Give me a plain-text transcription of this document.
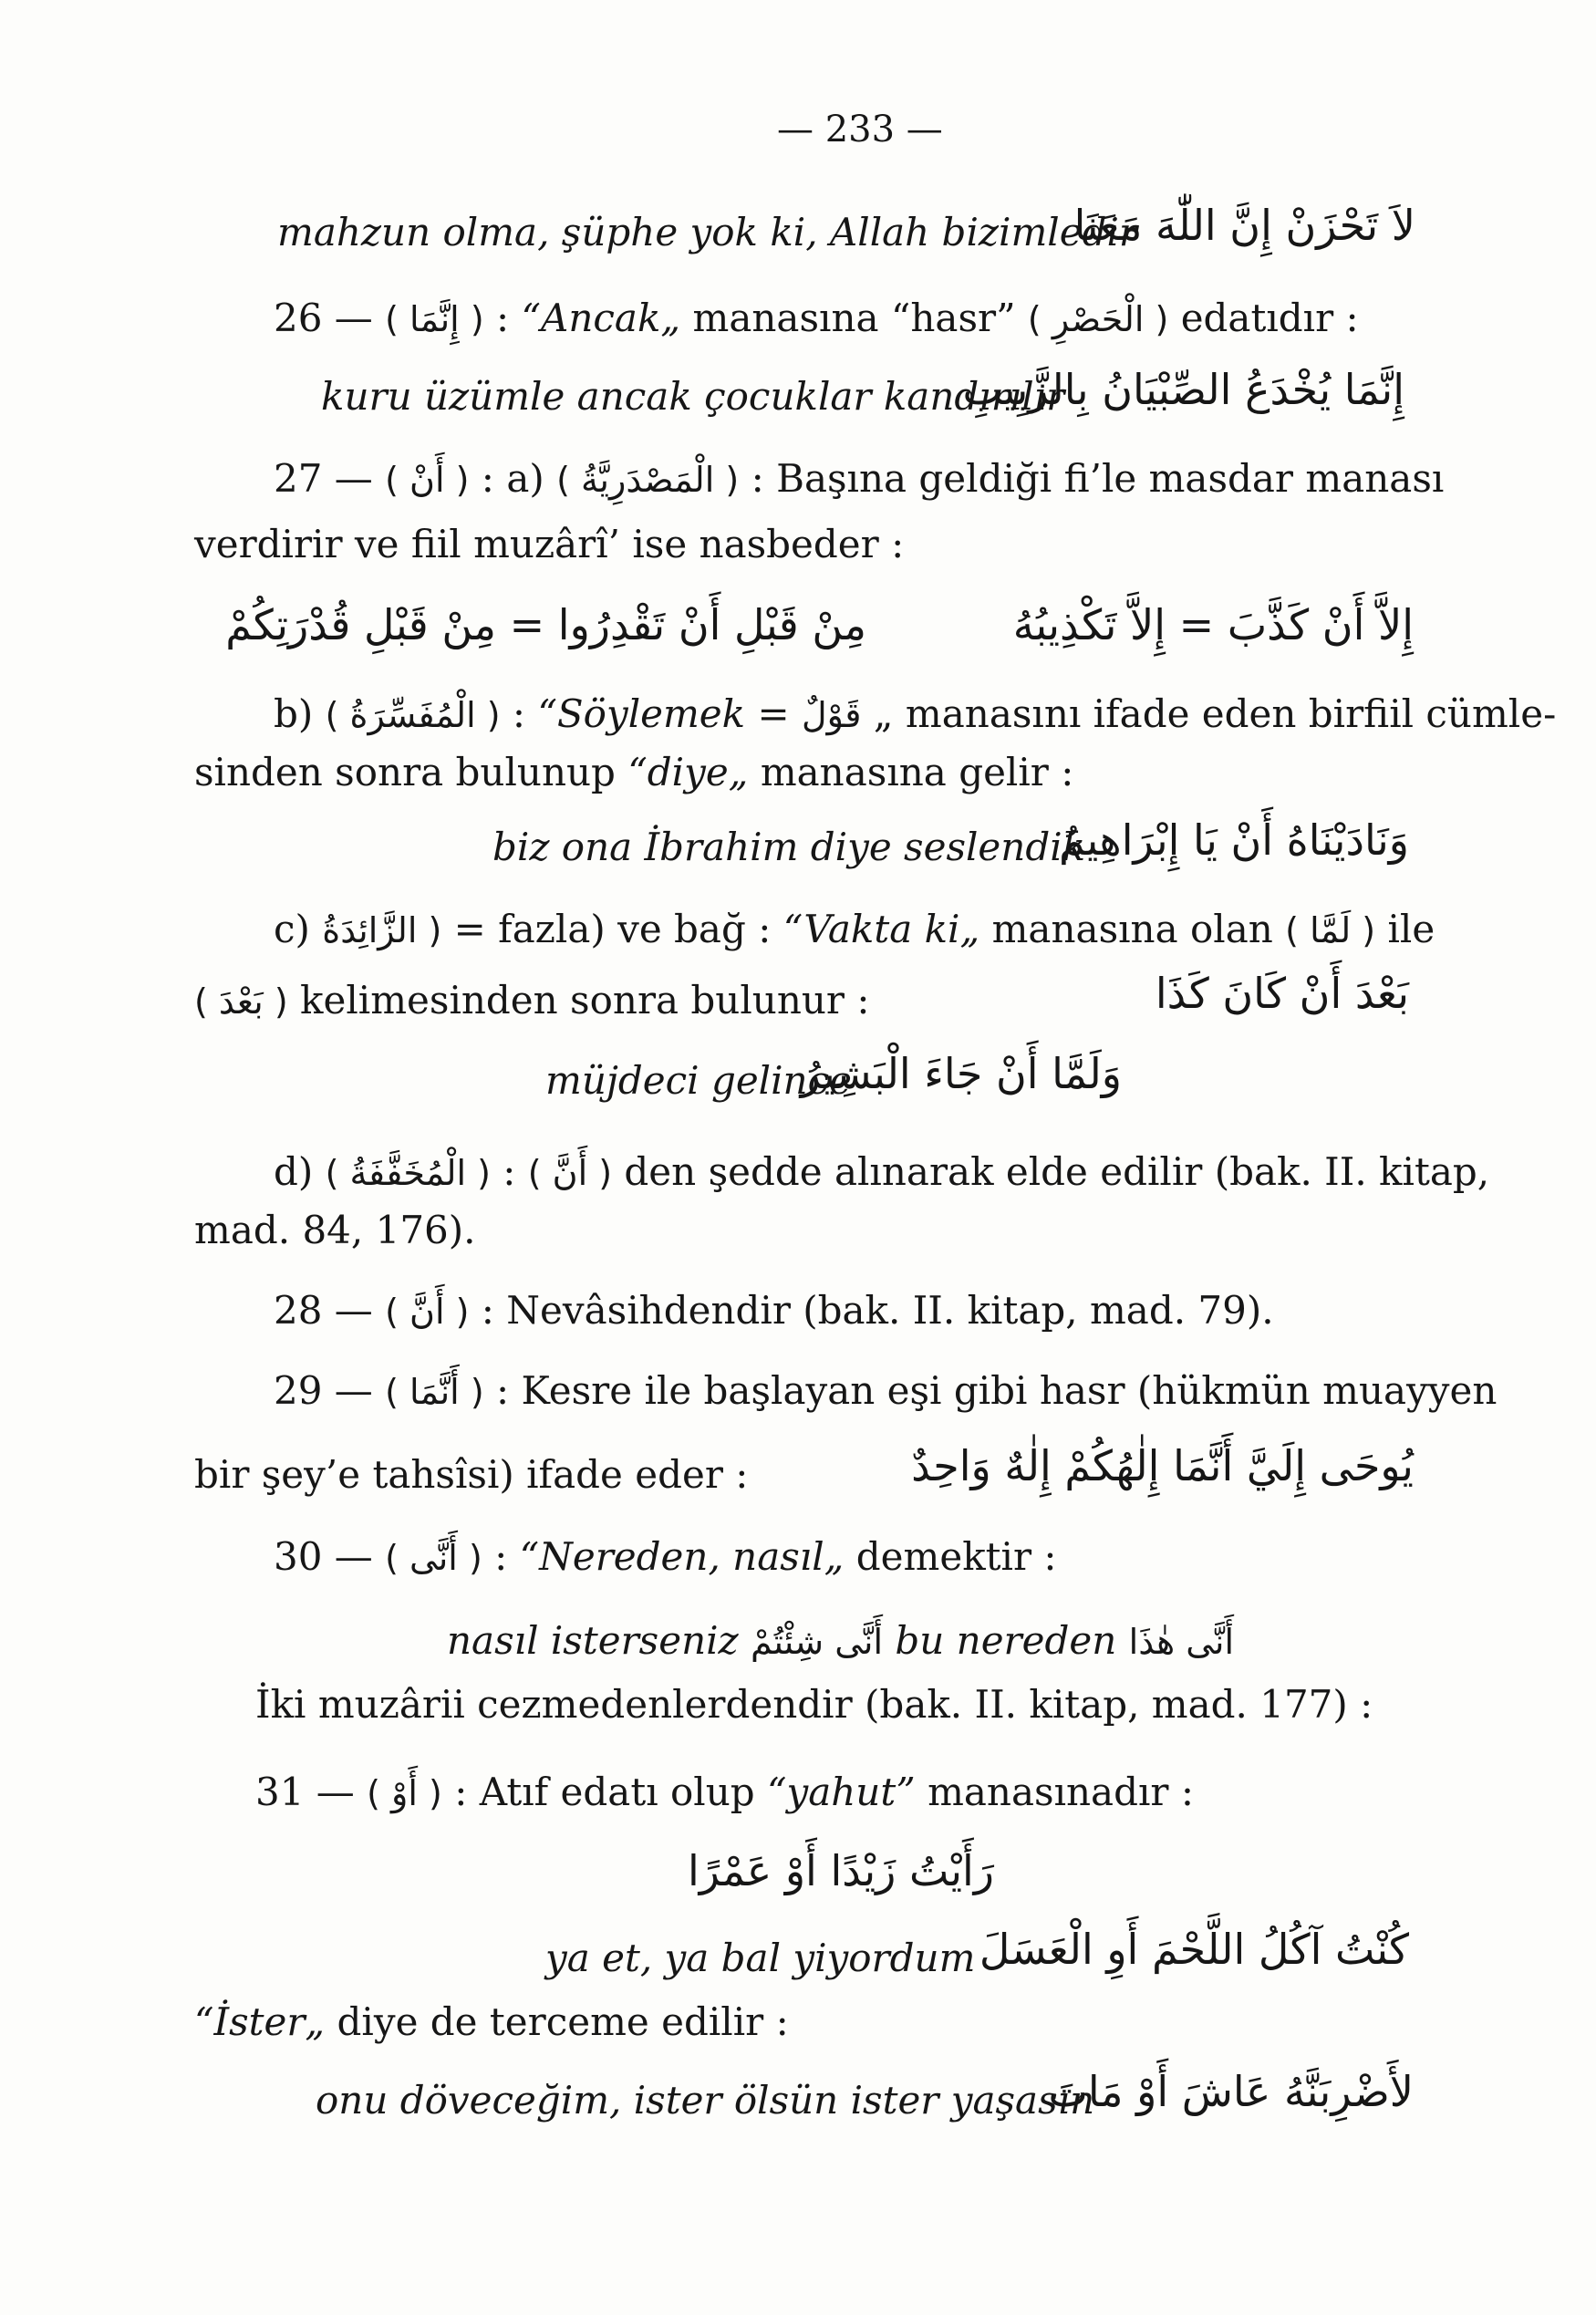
— 233 —
mahzun olma, şüphe yok ki, Allah bizimledir
لاَ تَحْزَنْ إِنَّ اللّٰهَ مَعَنَا
26 — ( إِنَّمَا ) : “Ancak„ manasına “hasr” ( الْحَصْرِ ) edatıdır :
kuru üzümle ancak çocuklar kandırılır
إِنَّمَا يُخْدَعُ الصِّبْيَانُ بِالزَّبِيبِ
27 — ( أَنْ ) : a) ( الْمَصْدَرِيَّةُ ) : Başına geldiği fi’le masdar manası
verdirir ve fiil muzârî’ ise nasbeder :
مِنْ قَبْلِ أَنْ تَقْدِرُوا = مِنْ قَبْلِ قُدْرَتِكُمْ	إِلاَّ أَنْ كَذَّبَ = إِلاَّ تَكْذِيبُهُ
b) ( الْمُفَسِّرَةُ ) : “Söylemek = قَوْلٌ „ manasını ifade eden birfiil cümle-
sinden sonra bulunup “diye„ manasına gelir :
biz ona İbrahim diye seslendik
وَنَادَيْنَاهُ أَنْ يَا إِبْرَاهِيمُ
c) ( الزَّائِدَةُ = fazla) ve bağ : “Vakta ki„ manasına olan ( لَمَّا ) ile
( بَعْدَ ) kelimesinden sonra bulunur :	بَعْدَ أَنْ كَانَ كَذَا
müjdeci gelince
وَلَمَّا أَنْ جَاءَ الْبَشِيرُ
d) ( الْمُخَفَّفَةُ ) : ( أَنَّ ) den şedde alınarak elde edilir (bak. II. kitap,
mad. 84, 176).
28 — ( أَنَّ ) : Nevâsihdendir (bak. II. kitap, mad. 79).
29 — ( أَنَّمَا ) : Kesre ile başlayan eşi gibi hasr (hükmün muayyen
bir şey’e tahsîsi) ifade eder :	يُوحَى إِلَيَّ أَنَّمَا إِلٰهُكُمْ إِلٰهٌ وَاحِدٌ
30 — ( أَنَّى ) : “Nereden, nasıl„ demektir :
nasıl isterseniz أَنَّى شِئْتُمْ bu nereden أَنَّى هٰذَا
İki muzârii cezmedenlerdendir (bak. II. kitap, mad. 177) :
31 — ( أَوْ ) : Atıf edatı olup “yahut” manasınadır :
رَأَيْتُ زَيْدًا أَوْ عَمْرًا
ya et, ya bal yiyordum كُنْتُ آكُلُ اللَّحْمَ أَوِ الْعَسَلَ
“İster„ diye de terceme edilir :
onu döveceğim, ister ölsün ister yaşasın
لأَضْرِبَنَّهُ عَاشَ أَوْ مَاتَ
